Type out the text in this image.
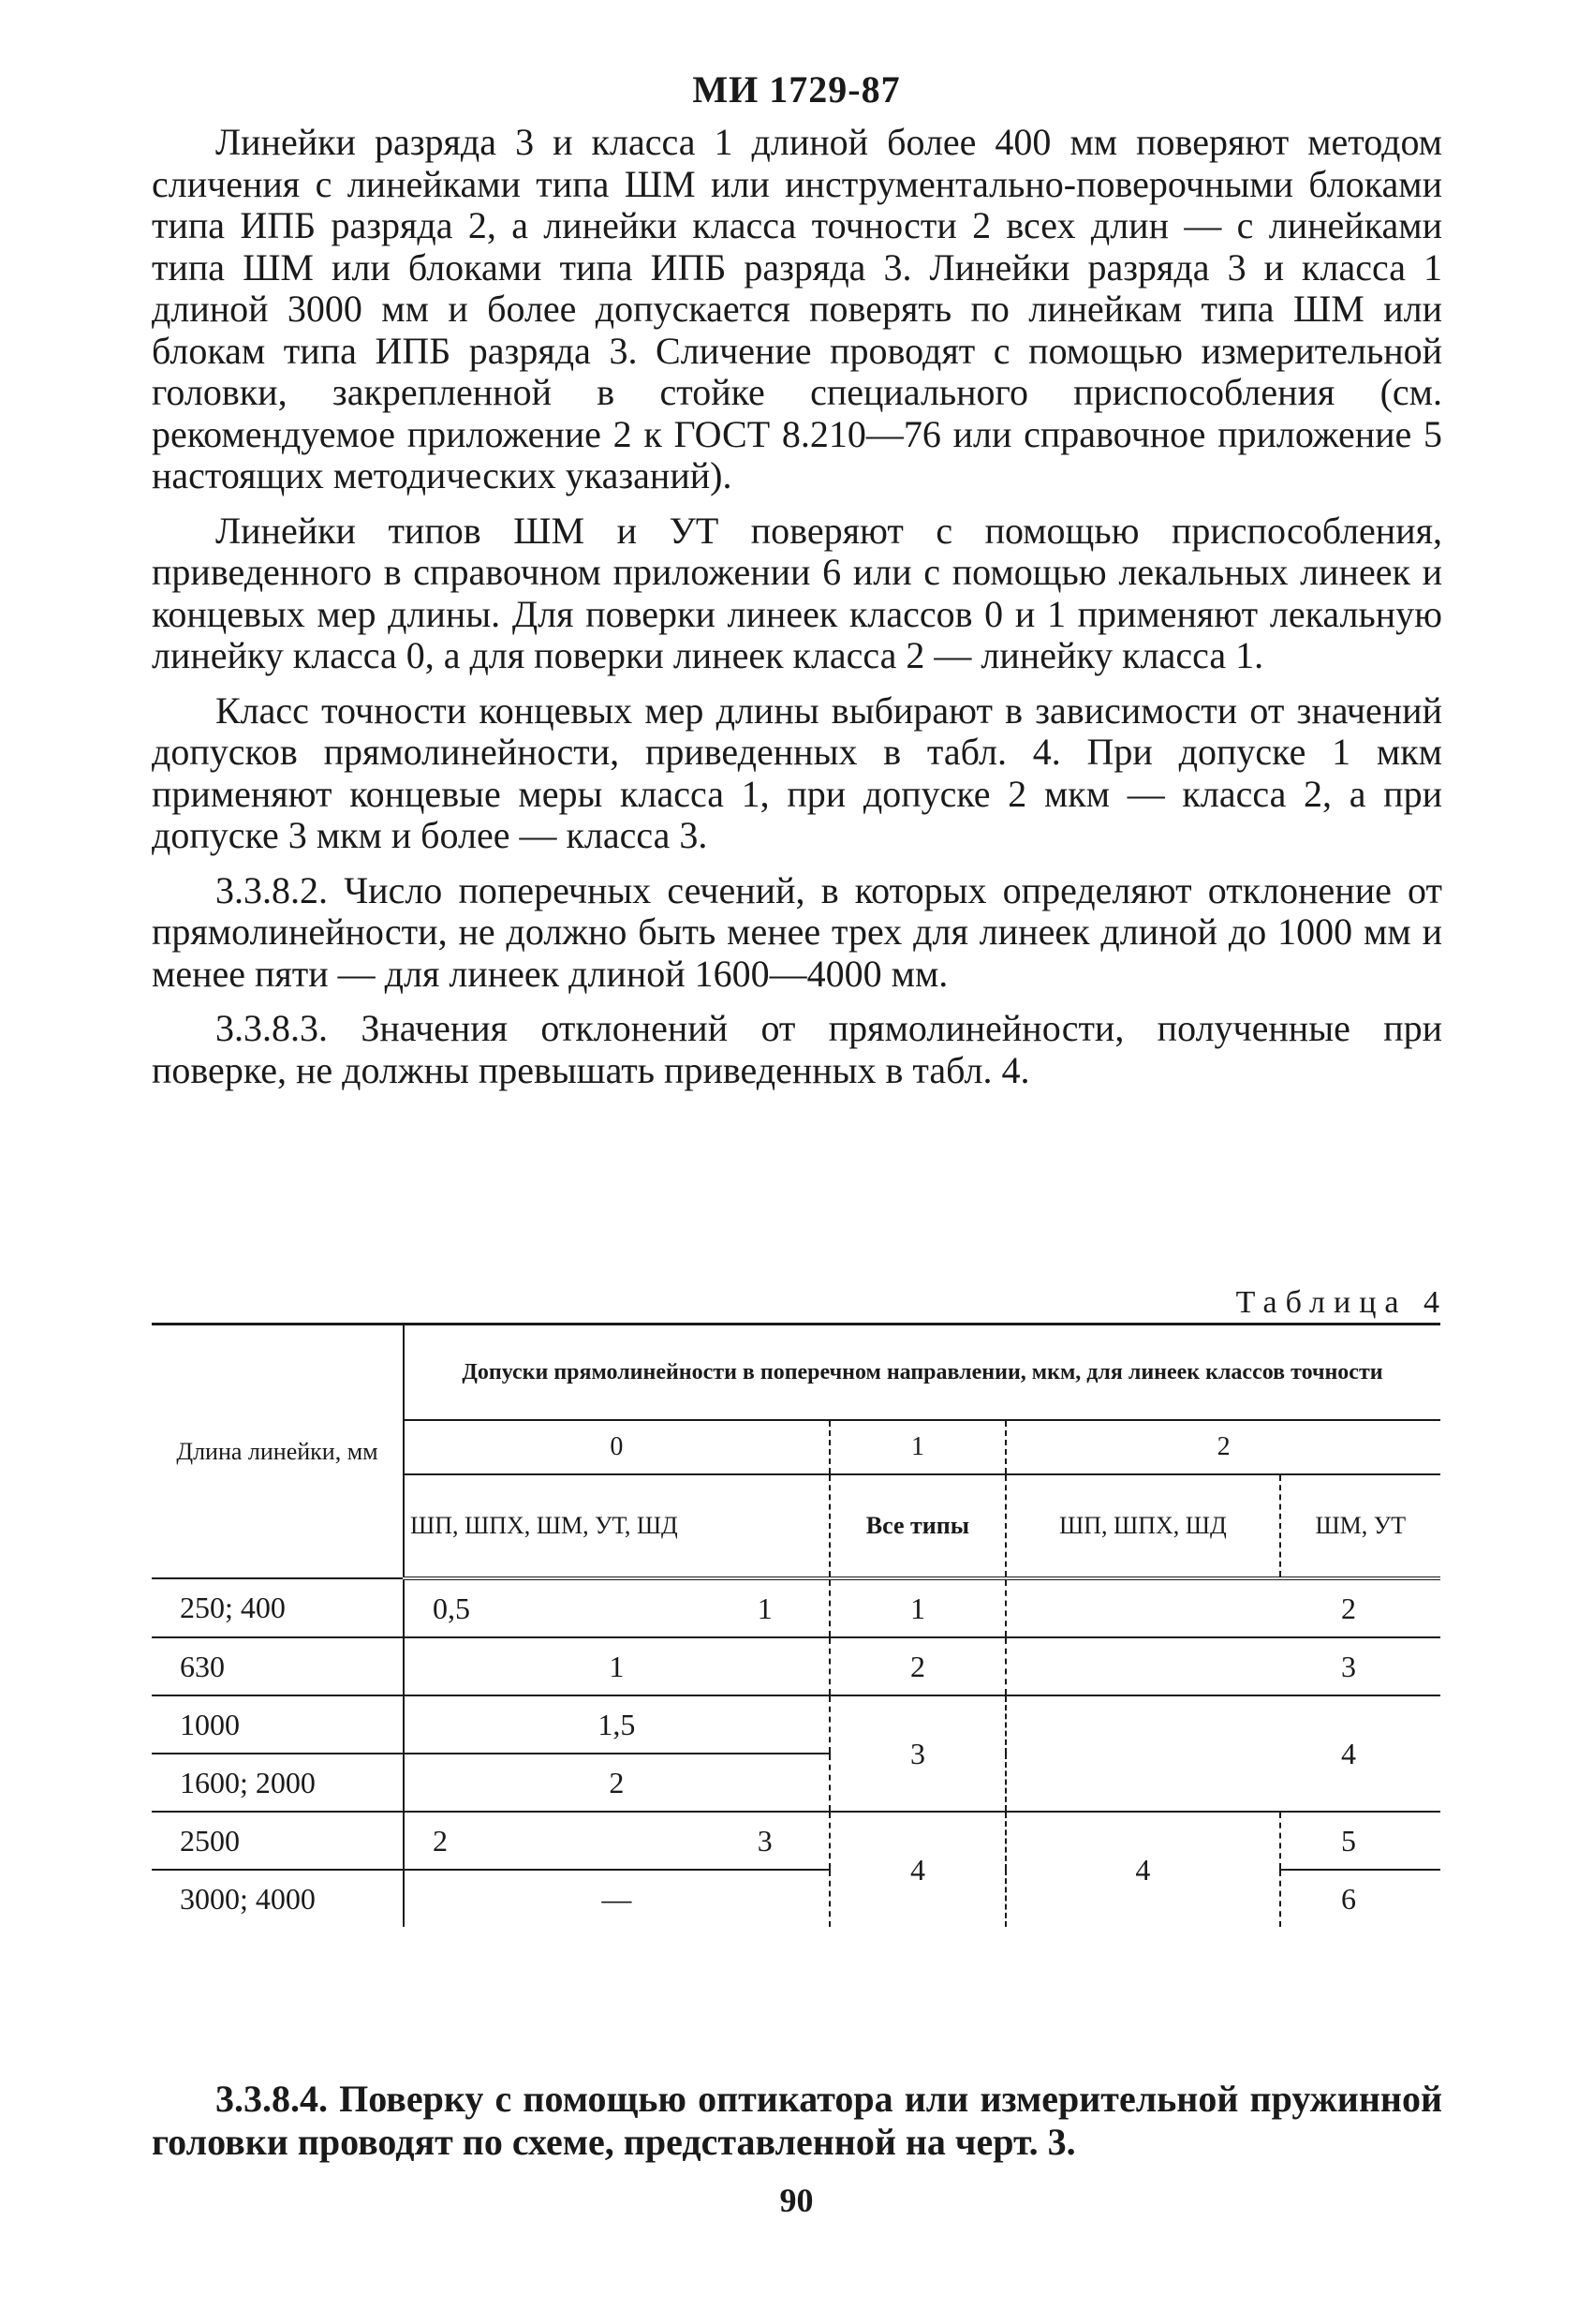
МИ 1729-87

Линейки разряда 3 и класса 1 длиной более 400 мм поверяют методом сличения с линейками типа ШМ или инструментально-поверочными блоками типа ИПБ разряда 2, а линейки класса точности 2 всех длин — с линейками типа ШМ или блоками типа ИПБ разряда 3. Линейки разряда 3 и класса 1 длиной 3000 мм и более допускается поверять по линейкам типа ШМ или блокам типа ИПБ разряда 3. Сличение проводят с помощью измерительной головки, закрепленной в стойке специального приспособления (см. рекомендуемое приложение 2 к ГОСТ 8.210—76 или справочное приложение 5 настоящих методических указаний).

Линейки типов ШМ и УТ поверяют с помощью приспособления, приведенного в справочном приложении 6 или с помощью лекальных линеек и концевых мер длины. Для поверки линеек классов 0 и 1 применяют лекальную линейку класса 0, а для поверки линеек класса 2 — линейку класса 1.

Класс точности концевых мер длины выбирают в зависимости от значений допусков прямолинейности, приведенных в табл. 4. При допуске 1 мкм применяют концевые меры класса 1, при допуске 2 мкм — класса 2, а при допуске 3 мкм и более — класса 3.

3.3.8.2. Число поперечных сечений, в которых определяют отклонение от прямолинейности, не должно быть менее трех для линеек длиной до 1000 мм и менее пяти — для линеек длиной 1600—4000 мм.

3.3.8.3. Значения отклонений от прямолинейности, полученные при поверке, не должны превышать приведенных в табл. 4.

Таблица 4
Длина линейки, мм	Допуски прямолинейности в поперечном направлении, мкм, для линеек классов точности				
	0		1	2	
	ШП, ШПХ, ШМ, УТ, ШД		Все типы	ШП, ШПХ, ШД	ШМ, УТ
250; 400	0,5	1	1		2
630	1		2		3
1000	1,5		3		4
1600; 2000	2				
2500	2	3	4	4	5
3000; 4000	—				6

3.3.8.4. Поверку с помощью оптикатора или измерительной пружинной головки проводят по схеме, представленной на черт. 3.

90
